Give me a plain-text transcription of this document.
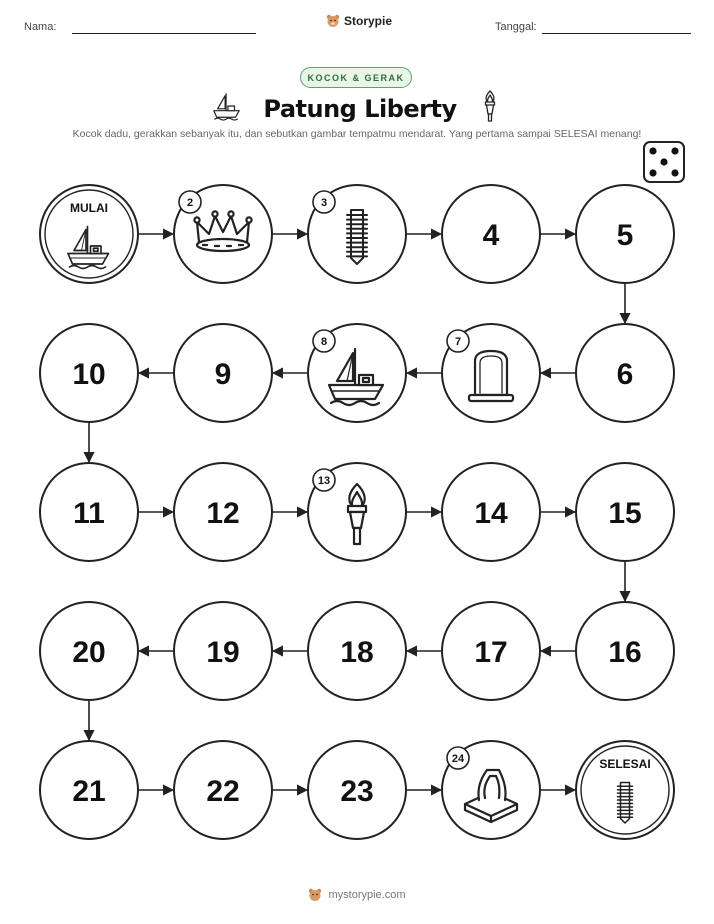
Nama:	Storypie	Tanggal:
KOCOK & GERAK
Patung Liberty
Kocok dadu, gerakkan sebanyak itu, dan sebutkan gambar tempatmu mendarat. Yang pertama sampai SELESAI menang!
MULAI	2	3
4	5
6
7
8
9
10
11	12
13
14	15
16
17
18
19
20
21	22	23
24	SELESAI
mystorypie.com
